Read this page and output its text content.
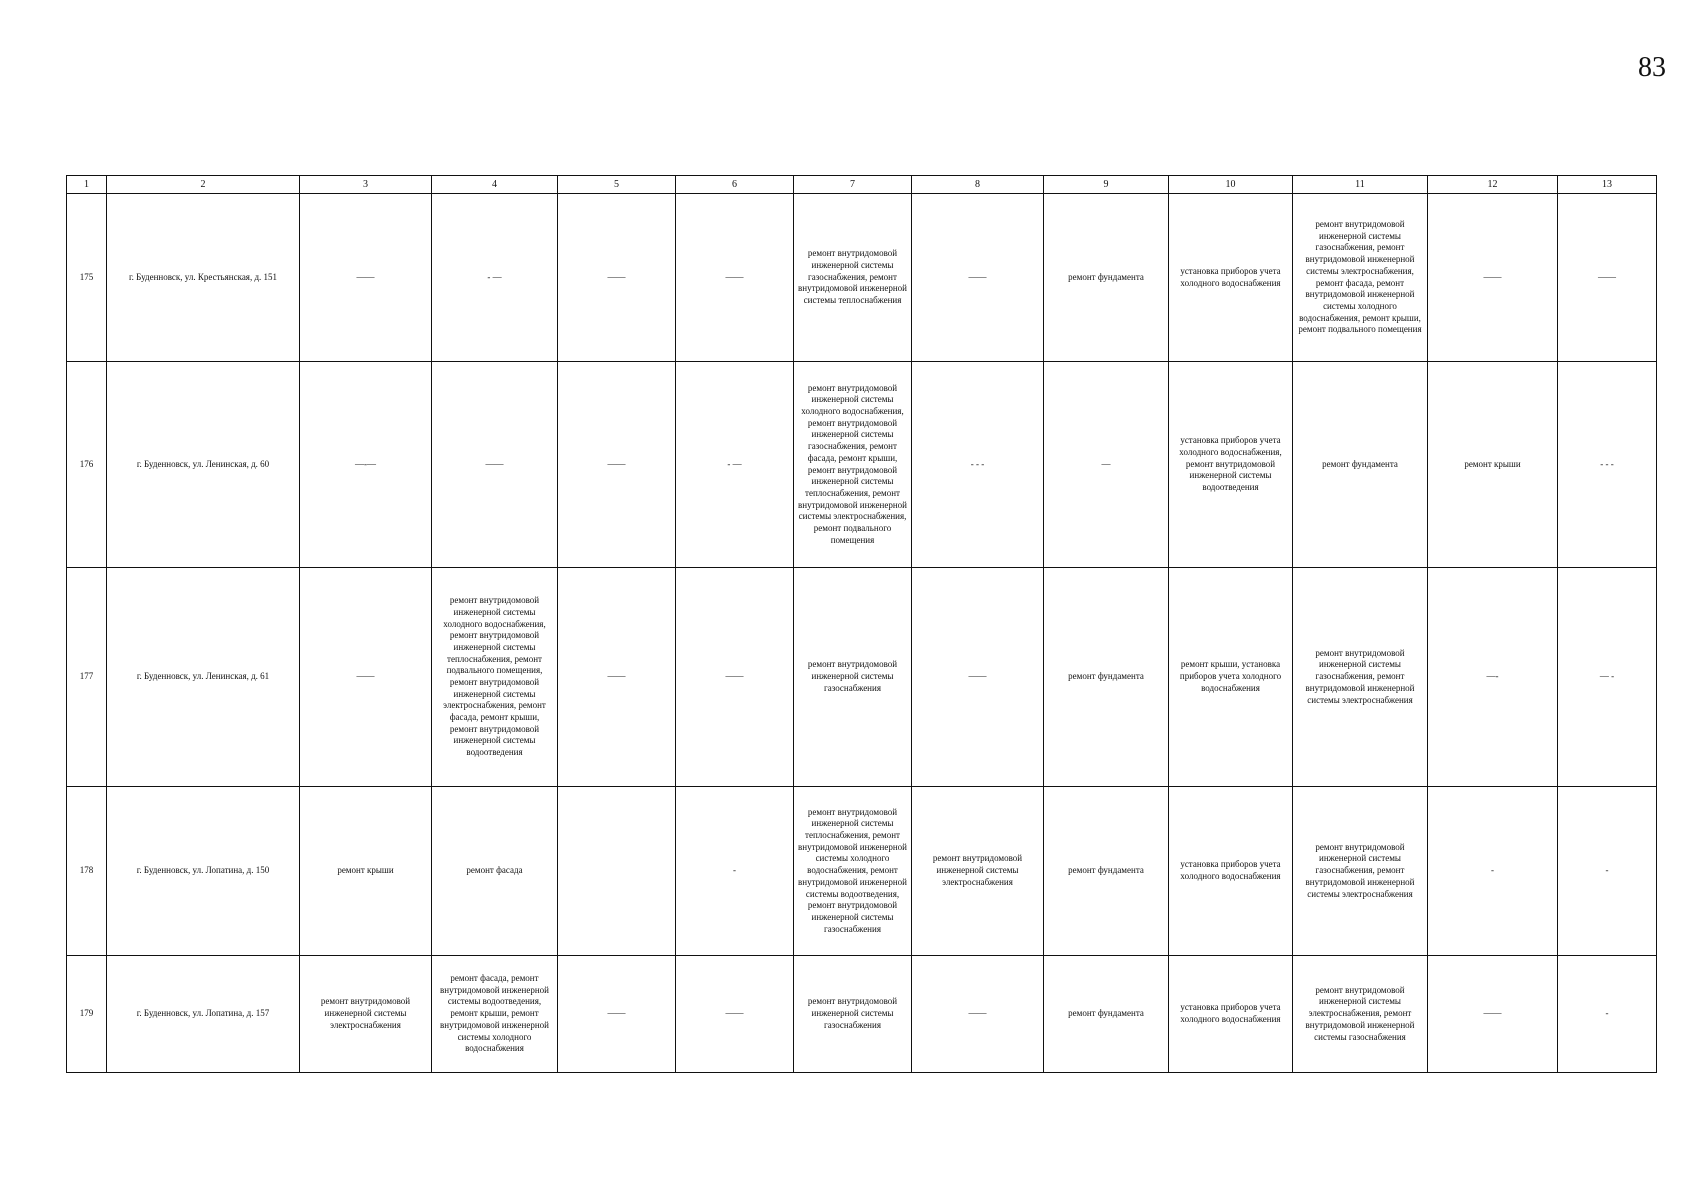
83
1	2	3	4	5	6	7	8	9	10	11	12	13
175	г. Буденновск, ул. Крестьянская, д. 151	——	- —	——	——	ремонт внутридомовой инженерной системы газоснабжения, ремонт внутридомовой инженерной системы теплоснабжения	——	ремонт фундамента	установка приборов учета холодного водоснабжения	ремонт внутридомовой инженерной системы газоснабжения, ремонт внутридомовой инженерной системы электроснабжения, ремонт фасада, ремонт внутридомовой инженерной системы холодного водоснабжения, ремонт крыши, ремонт подвального помещения	——	——
176	г. Буденновск, ул. Ленинская, д. 60	—-—	——	——	- —	ремонт внутридомовой инженерной системы холодного водоснабжения, ремонт внутридомовой инженерной системы газоснабжения, ремонт фасада, ремонт крыши, ремонт внутридомовой инженерной системы теплоснабжения, ремонт внутридомовой инженерной системы электроснабжения, ремонт подвального помещения	- - -	—	установка приборов учета холодного водоснабжения, ремонт внутридомовой инженерной системы водоотведения	ремонт фундамента	ремонт крыши	- - -
177	г. Буденновск, ул. Ленинская, д. 61	——	ремонт внутридомовой инженерной системы холодного водоснабжения, ремонт внутридомовой инженерной системы теплоснабжения, ремонт подвального помещения, ремонт внутридомовой инженерной системы электроснабжения, ремонт фасада, ремонт крыши, ремонт внутридомовой инженерной системы водоотведения	——	——	ремонт внутридомовой инженерной системы газоснабжения	——	ремонт фундамента	ремонт крыши, установка приборов учета холодного водоснабжения	ремонт внутридомовой инженерной системы газоснабжения, ремонт внутридомовой инженерной системы электроснабжения	—-	— -
178	г. Буденновск, ул. Лопатина, д. 150	ремонт крыши	ремонт фасада		-	ремонт внутридомовой инженерной системы теплоснабжения, ремонт внутридомовой инженерной системы холодного водоснабжения, ремонт внутридомовой инженерной системы водоотведения, ремонт внутридомовой инженерной системы газоснабжения	ремонт внутридомовой инженерной системы электроснабжения	ремонт фундамента	установка приборов учета холодного водоснабжения	ремонт внутридомовой инженерной системы газоснабжения, ремонт внутридомовой инженерной системы электроснабжения	-	-
179	г. Буденновск, ул. Лопатина, д. 157	ремонт внутридомовой инженерной системы электроснабжения	ремонт фасада, ремонт внутридомовой инженерной системы водоотведения, ремонт крыши, ремонт внутридомовой инженерной системы холодного водоснабжения	——	——	ремонт внутридомовой инженерной системы газоснабжения	——	ремонт фундамента	установка приборов учета холодного водоснабжения	ремонт внутридомовой инженерной системы электроснабжения, ремонт внутридомовой инженерной системы газоснабжения	——	-
